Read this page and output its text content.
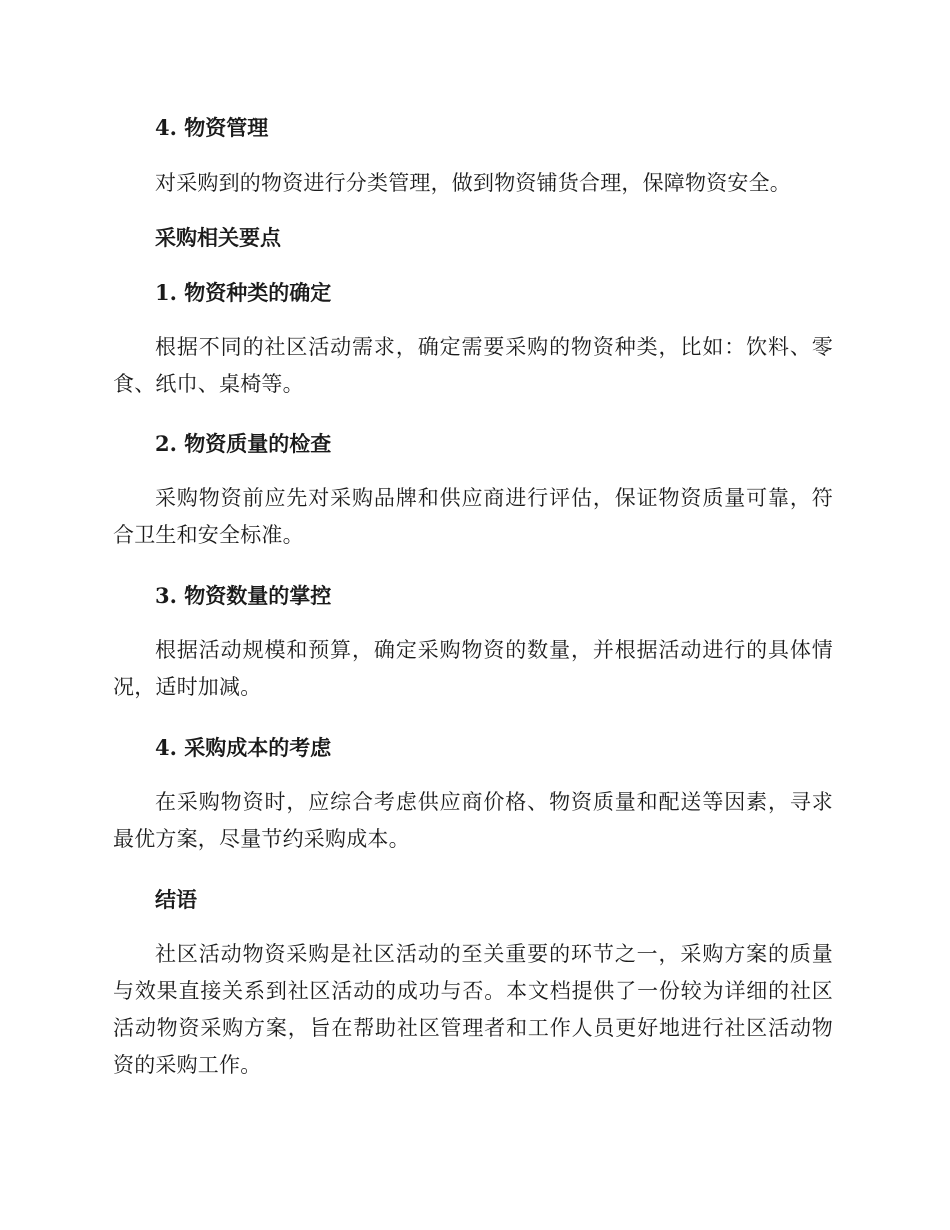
4. 物资管理
对采购到的物资进行分类管理，做到物资铺货合理，保障物资安全。
采购相关要点
1. 物资种类的确定
根据不同的社区活动需求，确定需要采购的物资种类，比如：饮料、零食、纸巾、桌椅等。
2. 物资质量的检查
采购物资前应先对采购品牌和供应商进行评估，保证物资质量可靠，符合卫生和安全标准。
3. 物资数量的掌控
根据活动规模和预算，确定采购物资的数量，并根据活动进行的具体情况，适时加减。
4. 采购成本的考虑
在采购物资时，应综合考虑供应商价格、物资质量和配送等因素，寻求最优方案，尽量节约采购成本。
结语
社区活动物资采购是社区活动的至关重要的环节之一，采购方案的质量与效果直接关系到社区活动的成功与否。本文档提供了一份较为详细的社区活动物资采购方案，旨在帮助社区管理者和工作人员更好地进行社区活动物资的采购工作。
